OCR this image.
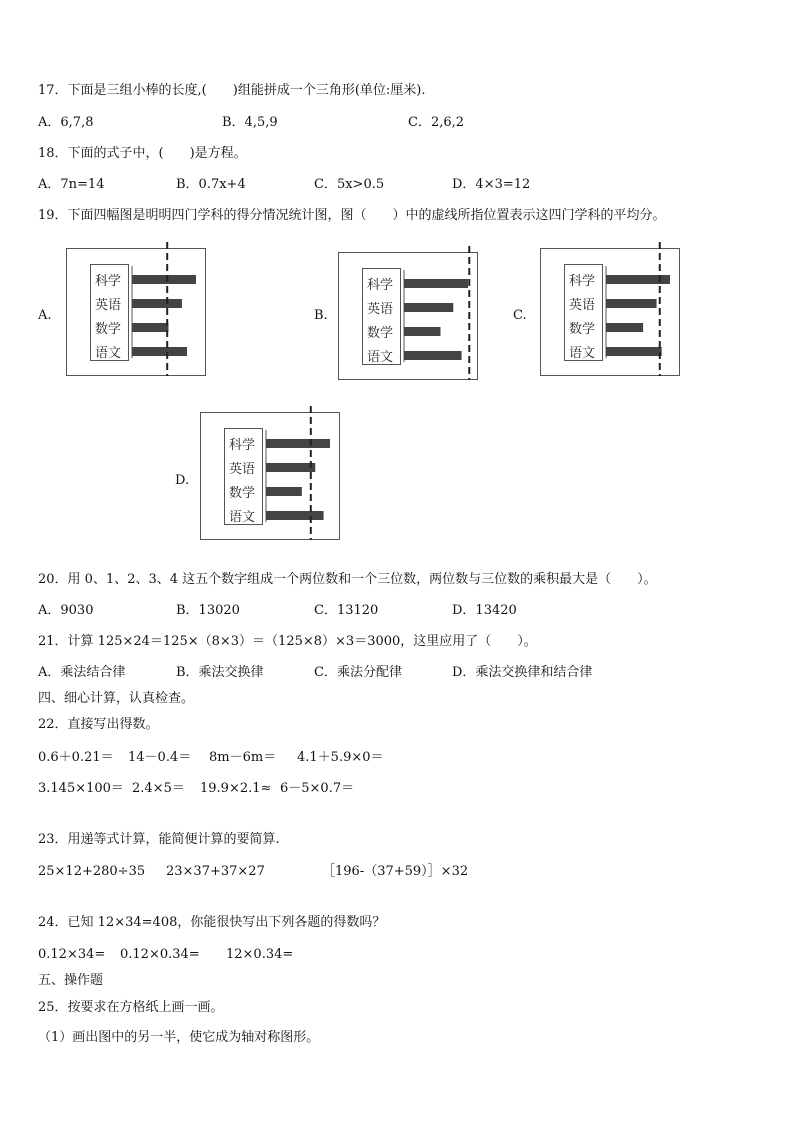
17．下面是三组小棒的长度,(　　)组能拼成一个三角形(单位:厘米).
A．6,7,8	B．4,5,9	C．2,6,2
18．下面的式子中，(　　)是方程。
A．7n=14	B．0.7x+4	C．5x>0.5	D．4×3=12
19．下面四幅图是明明四门学科的得分情况统计图，图（　　）中的虚线所指位置表示这四门学科的平均分。
A.
科学
英语
数学
语文
B.
科学
英语
数学
语文
C.
科学
英语
数学
语文
D.
科学
英语
数学
语文
20．用 0、1、2、3、4 这五个数字组成一个两位数和一个三位数，两位数与三位数的乘积最大是（　　）。
A．9030	B．13020	C．13120	D．13420
21．计算 125×24＝125×（8×3）＝（125×8）×3＝3000，这里应用了（　　）。
A．乘法结合律	B．乘法交换律	C．乘法分配律	D．乘法交换律和结合律
四、细心计算，认真检查。
22．直接写出得数。
0.6＋0.21＝ 14－0.4＝ 8m－6m＝ 4.1＋5.9×0＝
3.145×100＝ 2.4×5＝ 19.9×2.1≈ 6－5×0.7＝
23．用递等式计算，能简便计算的要简算.
25×12+280÷35 23×37+37×27	［196-（37+59）］×32
24．已知 12×34=408，你能很快写出下列各题的得数吗？
0.12×34= 0.12×0.34= 12×0.34=
五、操作题
25．按要求在方格纸上画一画。
（1）画出图中的另一半，使它成为轴对称图形。
